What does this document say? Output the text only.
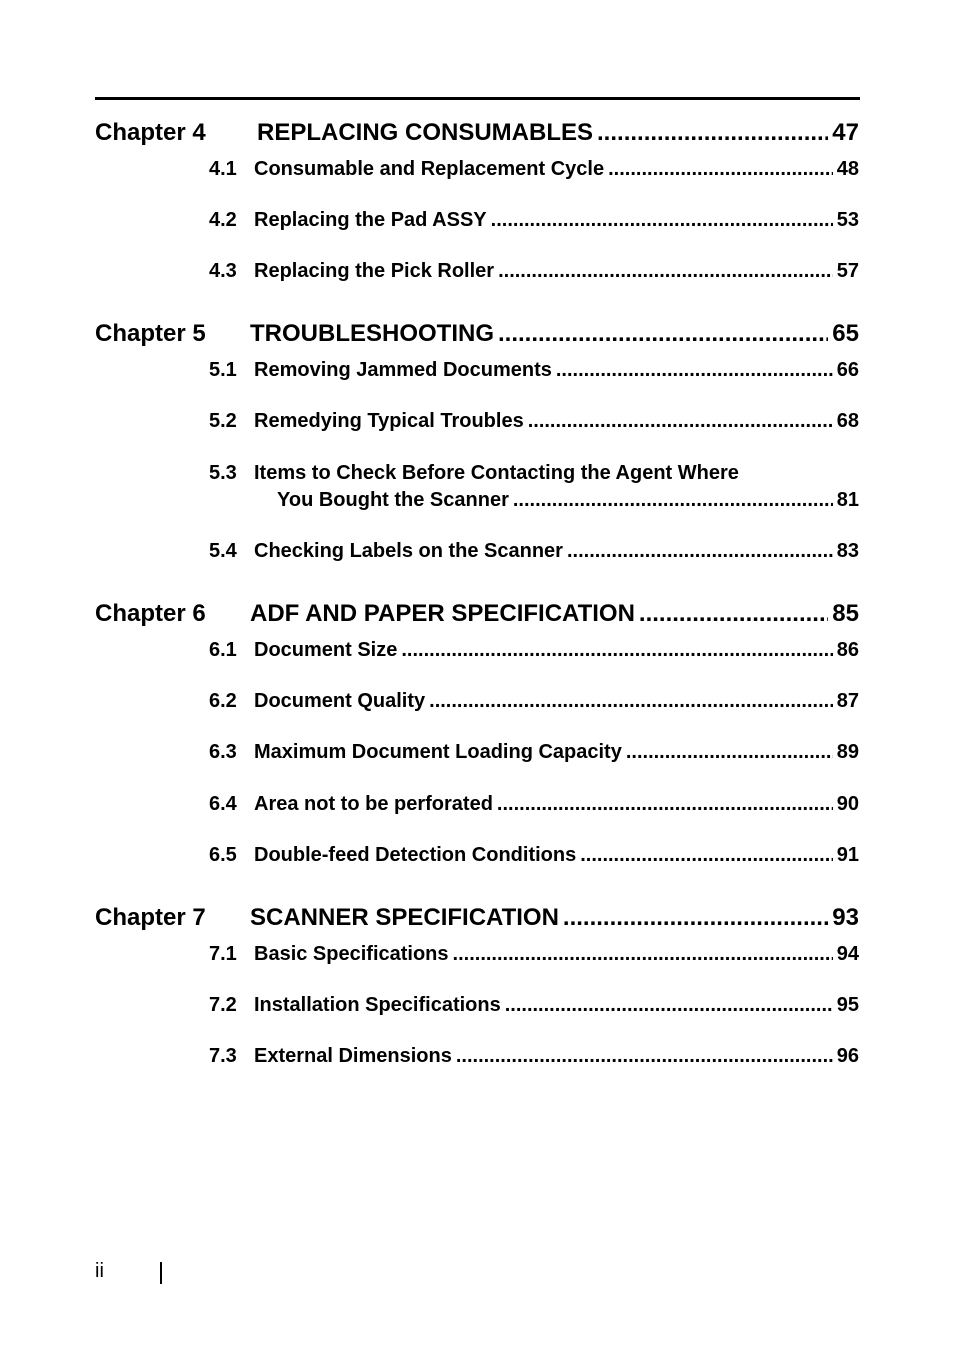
Chapter 4 REPLACING CONSUMABLES .....	47
4.1 Consumable and Replacement Cycle .....	48
4.2 Replacing the Pad ASSY .....	53
4.3 Replacing the Pick Roller .....	57
Chapter 5 TROUBLESHOOTING .....	65
5.1 Removing Jammed Documents .....	66
5.2 Remedying Typical Troubles .....	68
5.3 Items to Check Before Contacting the Agent Where
You Bought the Scanner .....	81
5.4 Checking Labels on the Scanner .....	83
Chapter 6 ADF AND PAPER SPECIFICATION .....	85
6.1 Document Size .....	86
6.2 Document Quality .....	87
6.3 Maximum Document Loading Capacity .....	89
6.4 Area not to be perforated .....	90
6.5 Double-feed Detection Conditions .....	91
Chapter 7 SCANNER SPECIFICATION .....	93
7.1 Basic Specifications .....	94
7.2 Installation Specifications .....	95
7.3 External Dimensions .....	96
ii
